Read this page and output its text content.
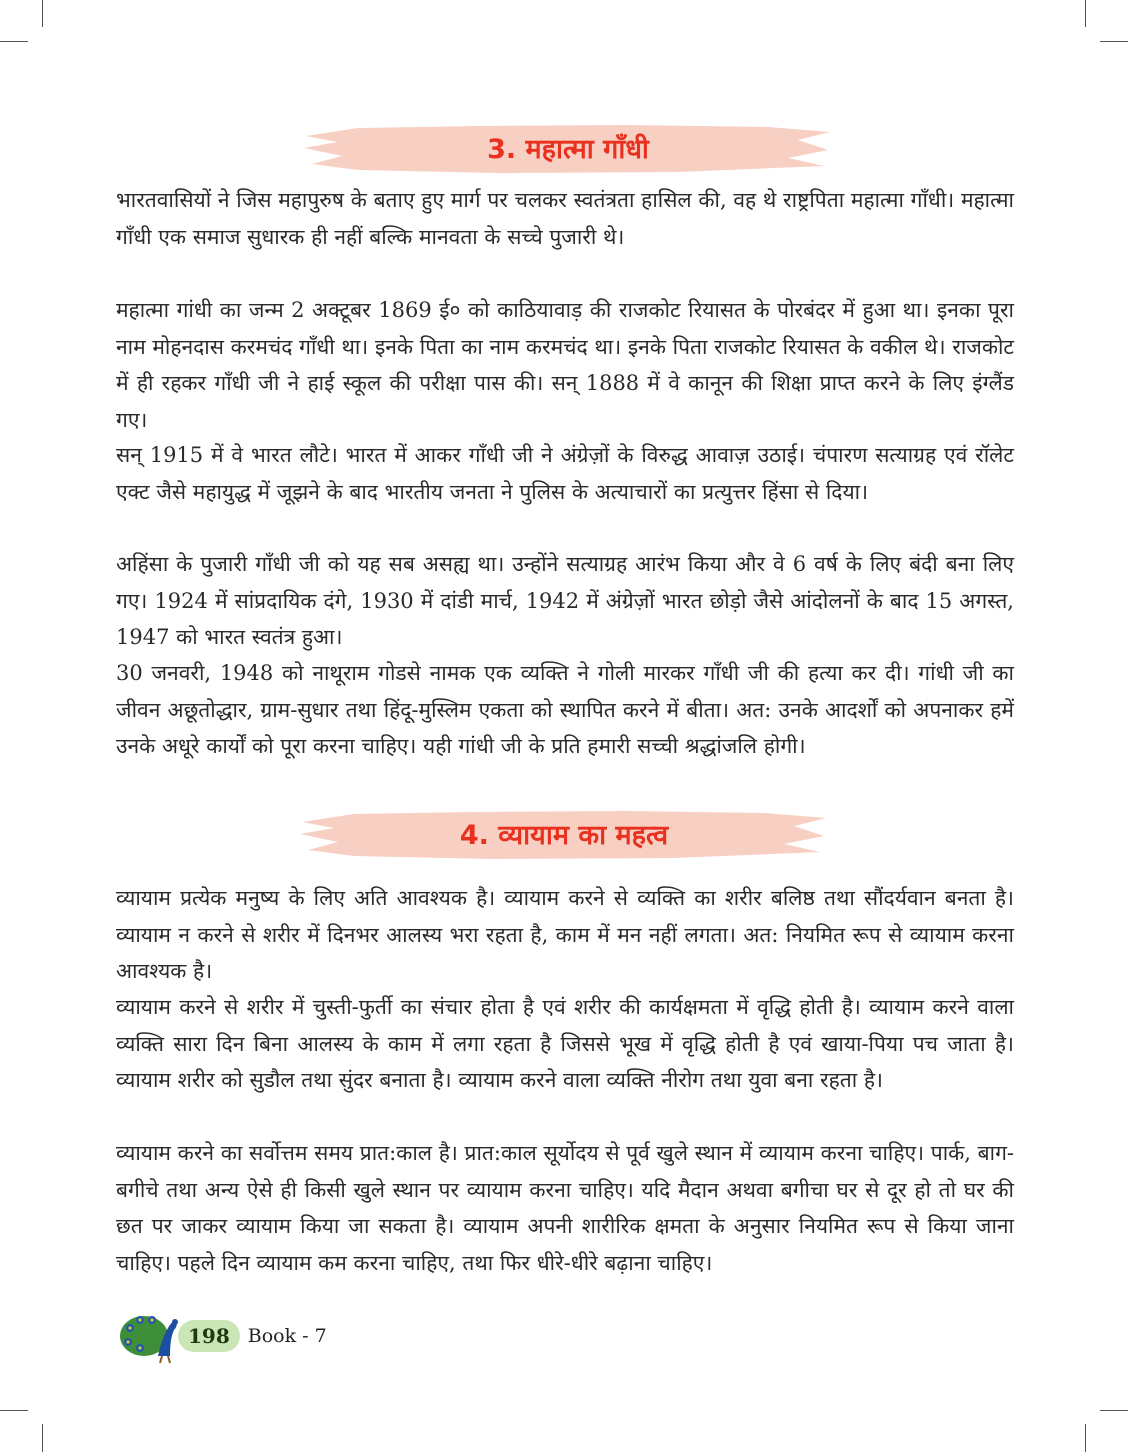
3. महात्मा गाँधी

भारतवासियों ने जिस महापुरुष के बताए हुए मार्ग पर चलकर स्वतंत्रता हासिल की, वह थे राष्ट्रपिता महात्मा गाँधी। महात्मा गाँधी एक समाज सुधारक ही नहीं बल्कि मानवता के सच्चे पुजारी थे।

महात्मा गांधी का जन्म 2 अक्टूबर 1869 ई० को काठियावाड़ की राजकोट रियासत के पोरबंदर में हुआ था। इनका पूरा नाम मोहनदास करमचंद गाँधी था। इनके पिता का नाम करमचंद था। इनके पिता राजकोट रियासत के वकील थे। राजकोट में ही रहकर गाँधी जी ने हाई स्कूल की परीक्षा पास की। सन् 1888 में वे कानून की शिक्षा प्राप्त करने के लिए इंग्लैंड गए।

सन् 1915 में वे भारत लौटे। भारत में आकर गाँधी जी ने अंग्रेज़ों के विरुद्ध आवाज़ उठाई। चंपारण सत्याग्रह एवं रॉलेट एक्ट जैसे महायुद्ध में जूझने के बाद भारतीय जनता ने पुलिस के अत्याचारों का प्रत्युत्तर हिंसा से दिया।

अहिंसा के पुजारी गाँधी जी को यह सब असह्य था। उन्होंने सत्याग्रह आरंभ किया और वे 6 वर्ष के लिए बंदी बना लिए गए। 1924 में सांप्रदायिक दंगे, 1930 में दांडी मार्च, 1942 में अंग्रेज़ों भारत छोड़ो जैसे आंदोलनों के बाद 15 अगस्त, 1947 को भारत स्वतंत्र हुआ।

30 जनवरी, 1948 को नाथूराम गोडसे नामक एक व्यक्ति ने गोली मारकर गाँधी जी की हत्या कर दी। गांधी जी का जीवन अछूतोद्धार, ग्राम-सुधार तथा हिंदू-मुस्लिम एकता को स्थापित करने में बीता। अत: उनके आदर्शों को अपनाकर हमें उनके अधूरे कार्यों को पूरा करना चाहिए। यही गांधी जी के प्रति हमारी सच्ची श्रद्धांजलि होगी।

4. व्यायाम का महत्व

व्यायाम प्रत्येक मनुष्य के लिए अति आवश्यक है। व्यायाम करने से व्यक्ति का शरीर बलिष्ठ तथा सौंदर्यवान बनता है। व्यायाम न करने से शरीर में दिनभर आलस्य भरा रहता है, काम में मन नहीं लगता। अत: नियमित रूप से व्यायाम करना आवश्यक है।

व्यायाम करने से शरीर में चुस्ती-फुर्ती का संचार होता है एवं शरीर की कार्यक्षमता में वृद्धि होती है। व्यायाम करने वाला व्यक्ति सारा दिन बिना आलस्य के काम में लगा रहता है जिससे भूख में वृद्धि होती है एवं खाया-पिया पच जाता है। व्यायाम शरीर को सुडौल तथा सुंदर बनाता है। व्यायाम करने वाला व्यक्ति नीरोग तथा युवा बना रहता है।

व्यायाम करने का सर्वोत्तम समय प्रात:काल है। प्रात:काल सूर्योदय से पूर्व खुले स्थान में व्यायाम करना चाहिए। पार्क, बाग-बगीचे तथा अन्य ऐसे ही किसी खुले स्थान पर व्यायाम करना चाहिए। यदि मैदान अथवा बगीचा घर से दूर हो तो घर की छत पर जाकर व्यायाम किया जा सकता है। व्यायाम अपनी शारीरिक क्षमता के अनुसार नियमित रूप से किया जाना चाहिए। पहले दिन व्यायाम कम करना चाहिए, तथा फिर धीरे-धीरे बढ़ाना चाहिए।

198 Book - 7
